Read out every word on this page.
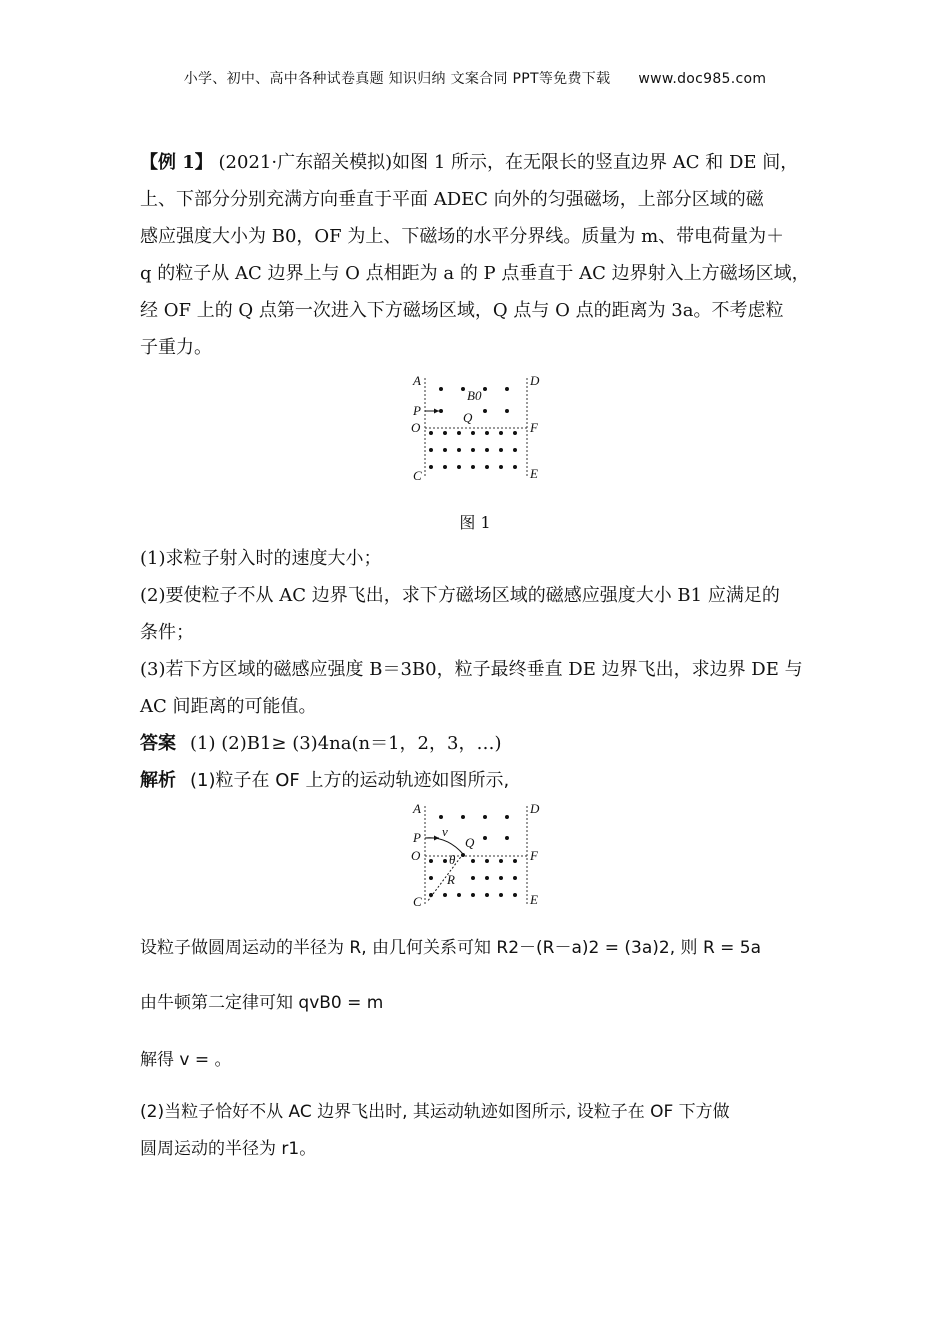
小学、初中、高中各种试卷真题 知识归纳 文案合同 PPT等免费下载 www.doc985.com

【例 1】 (2021·广东韶关模拟)如图 1 所示，在无限长的竖直边界 AC 和 DE 间，

上、下部分分别充满方向垂直于平面 ADEC 向外的匀强磁场，上部分区域的磁

感应强度大小为 B0，OF 为上、下磁场的水平分界线。质量为 m、带电荷量为＋

q 的粒子从 AC 边界上与 O 点相距为 a 的 P 点垂直于 AC 边界射入上方磁场区域，

经 OF 上的 Q 点第一次进入下方磁场区域，Q 点与 O 点的距离为 3a。不考虑粒

子重力。

A	D
B0
P	Q
O	F
C	E
图 1

(1)求粒子射入时的速度大小；

(2)要使粒子不从 AC 边界飞出，求下方磁场区域的磁感应强度大小 B1 应满足的

条件；

(3)若下方区域的磁感应强度 B＝3B0，粒子最终垂直 DE 边界飞出，求边界 DE 与

AC 间距离的可能值。

答案 (1) (2)B1≥ (3)4na(n＝1，2，3，…)

解析 (1)粒子在 OF 上方的运动轨迹如图所示,

A	D
P v
Q
O	F
θ
R
C	E

设粒子做圆周运动的半径为 R, 由几何关系可知 R2－(R－a)2 = (3a)2, 则 R = 5a

由牛顿第二定律可知 qvB0 = m

解得 v = 。

(2)当粒子恰好不从 AC 边界飞出时, 其运动轨迹如图所示, 设粒子在 OF 下方做

圆周运动的半径为 r1。
